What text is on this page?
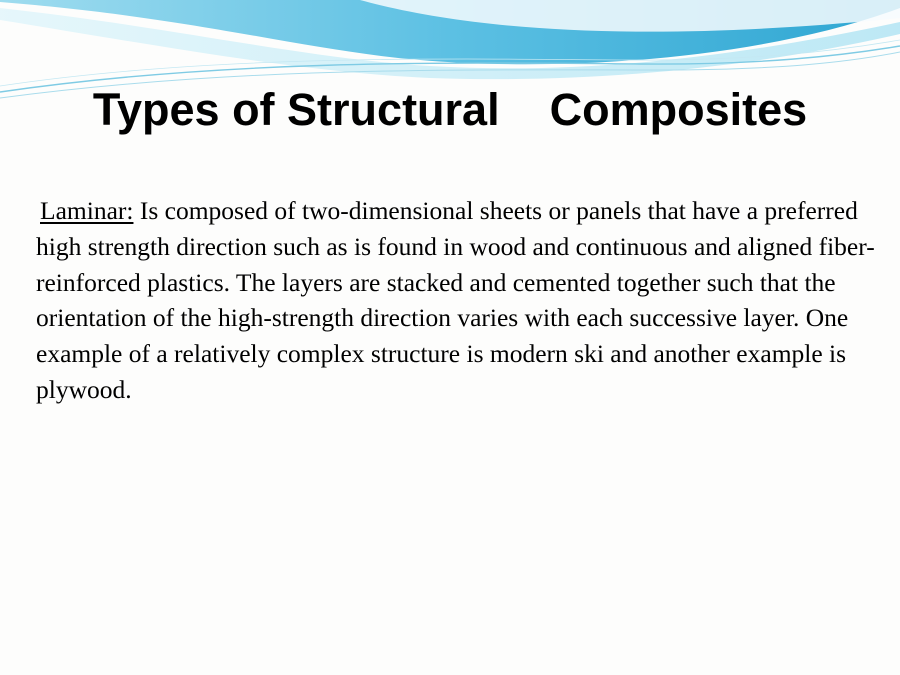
Types of Structural    Composites

Laminar: Is composed of two-dimensional sheets or panels that have a preferred high strength direction such as is found in wood and continuous and aligned fiber-reinforced plastics. The layers are stacked and cemented together such that the orientation of the high-strength direction varies with each successive layer. One example of a relatively complex structure is modern ski and another example is plywood.
